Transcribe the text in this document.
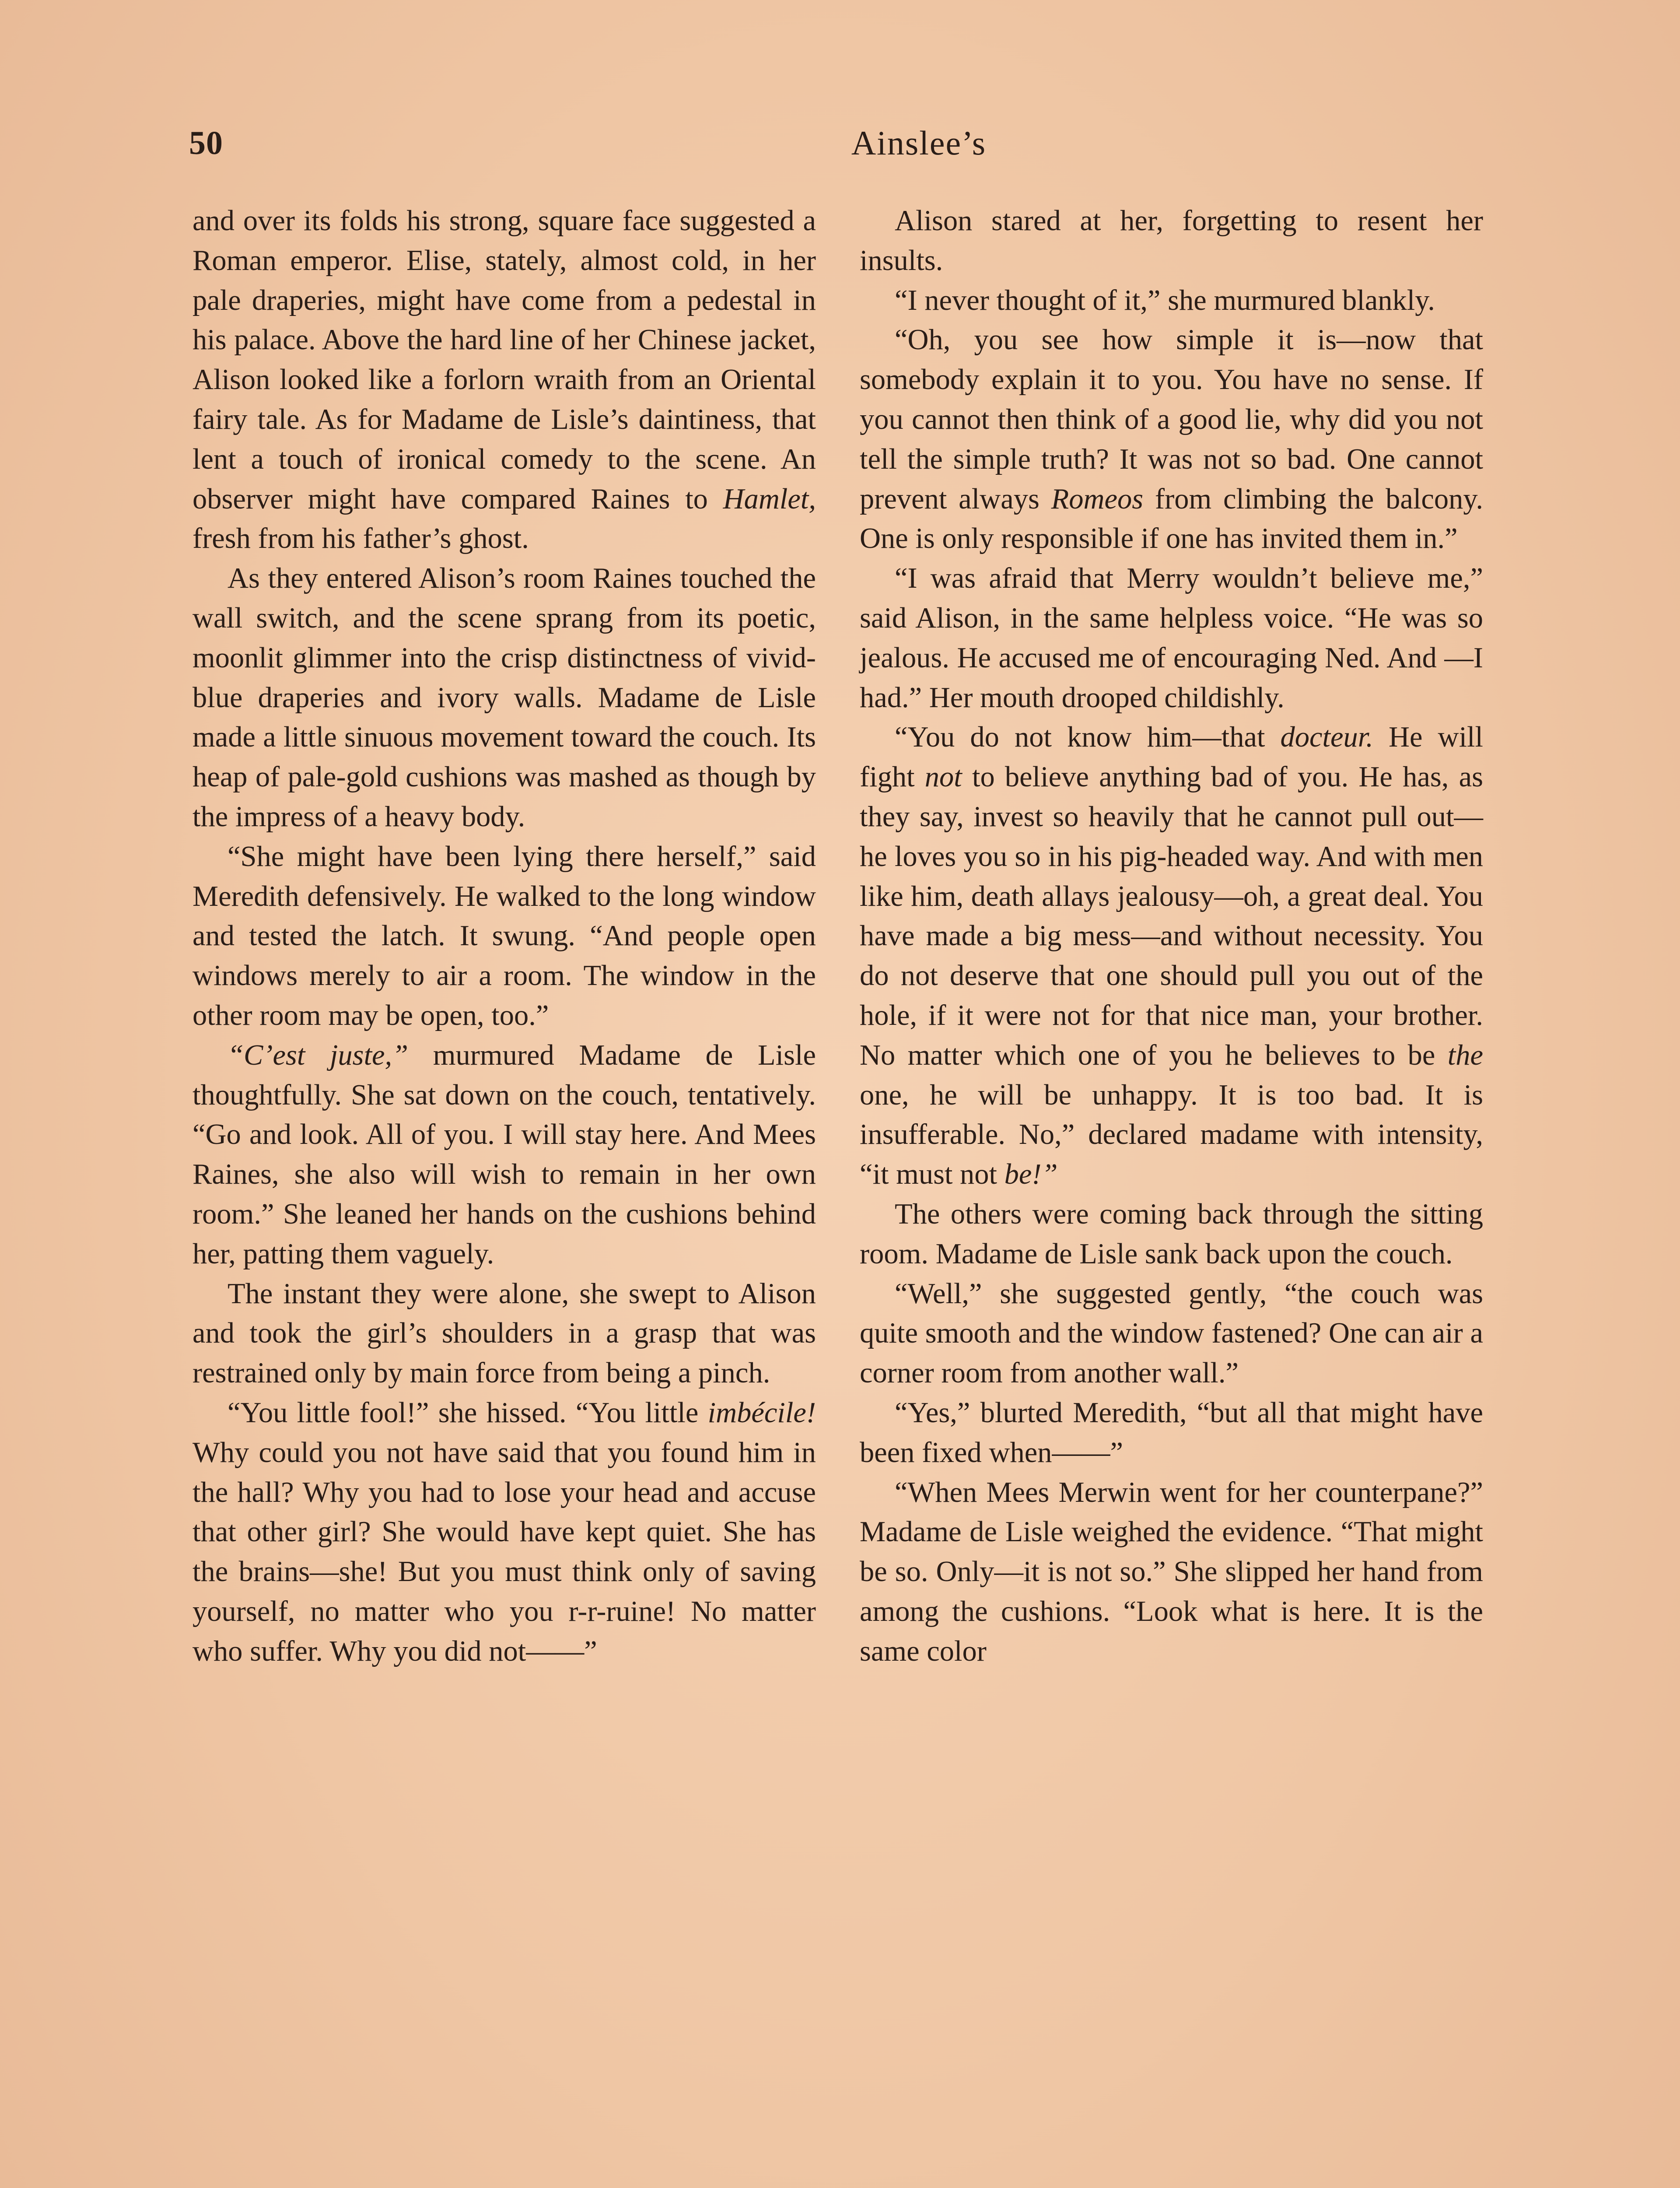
50	Ainslee’s

and over its folds his strong, square face suggested a Roman emperor. Elise, stately, almost cold, in her pale draperies, might have come from a pedestal in his palace. Above the hard line of her Chinese jacket, Alison looked like a forlorn wraith from an Oriental fairy tale. As for Madame de Lisle’s daintiness, that lent a touch of ironical comedy to the scene. An observer might have compared Raines to Hamlet, fresh from his father’s ghost.

As they entered Alison’s room Raines touched the wall switch, and the scene sprang from its poetic, moonlit glimmer into the crisp distinctness of vivid-blue draperies and ivory walls. Madame de Lisle made a little sinuous movement toward the couch. Its heap of pale-gold cushions was mashed as though by the impress of a heavy body.

“She might have been lying there herself,” said Meredith defensively. He walked to the long window and tested the latch. It swung. “And people open windows merely to air a room. The window in the other room may be open, too.”

“C’est juste,” murmured Madame de Lisle thoughtfully. She sat down on the couch, tentatively. “Go and look. All of you. I will stay here. And Mees Raines, she also will wish to remain in her own room.” She leaned her hands on the cushions behind her, patting them vaguely.

The instant they were alone, she swept to Alison and took the girl’s shoulders in a grasp that was restrained only by main force from being a pinch.

“You little fool!” she hissed. “You little imbécile! Why could you not have said that you found him in the hall? Why you had to lose your head and accuse that other girl? She would have kept quiet. She has the brains—she! But you must think only of saving yourself, no matter who you r-r-ruine! No matter who suffer. Why you did not——”

Alison stared at her, forgetting to resent her insults.

“I never thought of it,” she murmured blankly.

“Oh, you see how simple it is—now that somebody explain it to you. You have no sense. If you cannot then think of a good lie, why did you not tell the simple truth? It was not so bad. One cannot prevent always Romeos from climbing the balcony. One is only responsible if one has invited them in.”

“I was afraid that Merry wouldn’t believe me,” said Alison, in the same helpless voice. “He was so jealous. He accused me of encouraging Ned. And —I had.” Her mouth drooped childishly.

“You do not know him—that docteur. He will fight not to believe anything bad of you. He has, as they say, invest so heavily that he cannot pull out—he loves you so in his pig-headed way. And with men like him, death allays jealousy—oh, a great deal. You have made a big mess—and without necessity. You do not deserve that one should pull you out of the hole, if it were not for that nice man, your brother. No matter which one of you he believes to be the one, he will be unhappy. It is too bad. It is insufferable. No,” declared madame with intensity, “it must not be!”

The others were coming back through the sitting room. Madame de Lisle sank back upon the couch.

“Well,” she suggested gently, “the couch was quite smooth and the window fastened? One can air a corner room from another wall.”

“Yes,” blurted Meredith, “but all that might have been fixed when——”

“When Mees Merwin went for her counterpane?” Madame de Lisle weighed the evidence. “That might be so. Only—it is not so.” She slipped her hand from among the cushions. “Look what is here. It is the same color
